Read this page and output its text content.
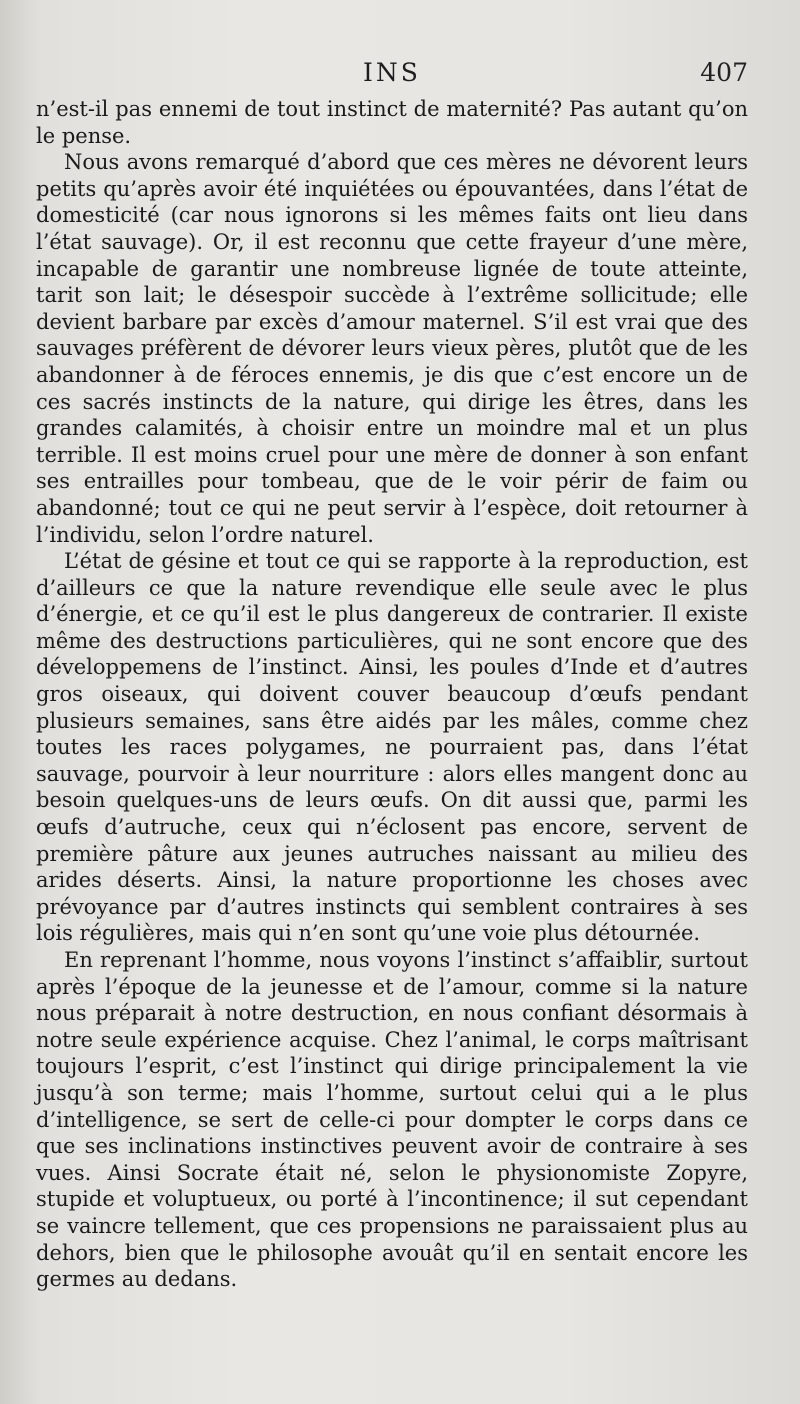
INS	407

n’est-il pas ennemi de tout instinct de maternité? Pas autant qu’on le pense.

Nous avons remarqué d’abord que ces mères ne dévorent leurs petits qu’après avoir été inquiétées ou épouvantées, dans l’état de domesticité (car nous ignorons si les mêmes faits ont lieu dans l’état sauvage). Or, il est reconnu que cette frayeur d’une mère, incapable de garantir une nombreuse lignée de toute atteinte, tarit son lait; le désespoir succède à l’extrême sollicitude; elle devient barbare par excès d’amour maternel. S’il est vrai que des sauvages préfèrent de dévorer leurs vieux pères, plutôt que de les abandonner à de féroces ennemis, je dis que c’est encore un de ces sacrés instincts de la nature, qui dirige les êtres, dans les grandes calamités, à choisir entre un moindre mal et un plus terrible. Il est moins cruel pour une mère de donner à son enfant ses entrailles pour tombeau, que de le voir périr de faim ou abandonné; tout ce qui ne peut servir à l’espèce, doit retourner à l’individu, selon l’ordre naturel.

L’état de gésine et tout ce qui se rapporte à la reproduction, est d’ailleurs ce que la nature revendique elle seule avec le plus d’énergie, et ce qu’il est le plus dangereux de contrarier. Il existe même des destructions particulières, qui ne sont encore que des développemens de l’instinct. Ainsi, les poules d’Inde et d’autres gros oiseaux, qui doivent couver beaucoup d’œufs pendant plusieurs semaines, sans être aidés par les mâles, comme chez toutes les races polygames, ne pourraient pas, dans l’état sauvage, pourvoir à leur nourriture : alors elles mangent donc au besoin quelques-uns de leurs œufs. On dit aussi que, parmi les œufs d’autruche, ceux qui n’éclosent pas encore, servent de première pâture aux jeunes autruches naissant au milieu des arides déserts. Ainsi, la nature proportionne les choses avec prévoyance par d’autres instincts qui semblent contraires à ses lois régulières, mais qui n’en sont qu’une voie plus détournée.

En reprenant l’homme, nous voyons l’instinct s’affaiblir, surtout après l’époque de la jeunesse et de l’amour, comme si la nature nous préparait à notre destruction, en nous confiant désormais à notre seule expérience acquise. Chez l’animal, le corps maîtrisant toujours l’esprit, c’est l’instinct qui dirige principalement la vie jusqu’à son terme; mais l’homme, surtout celui qui a le plus d’intelligence, se sert de celle-ci pour dompter le corps dans ce que ses inclinations instinctives peuvent avoir de contraire à ses vues. Ainsi Socrate était né, selon le physionomiste Zopyre, stupide et voluptueux, ou porté à l’incontinence; il sut cependant se vaincre tellement, que ces propensions ne paraissaient plus au dehors, bien que le philosophe avouât qu’il en sentait encore les germes au dedans.
